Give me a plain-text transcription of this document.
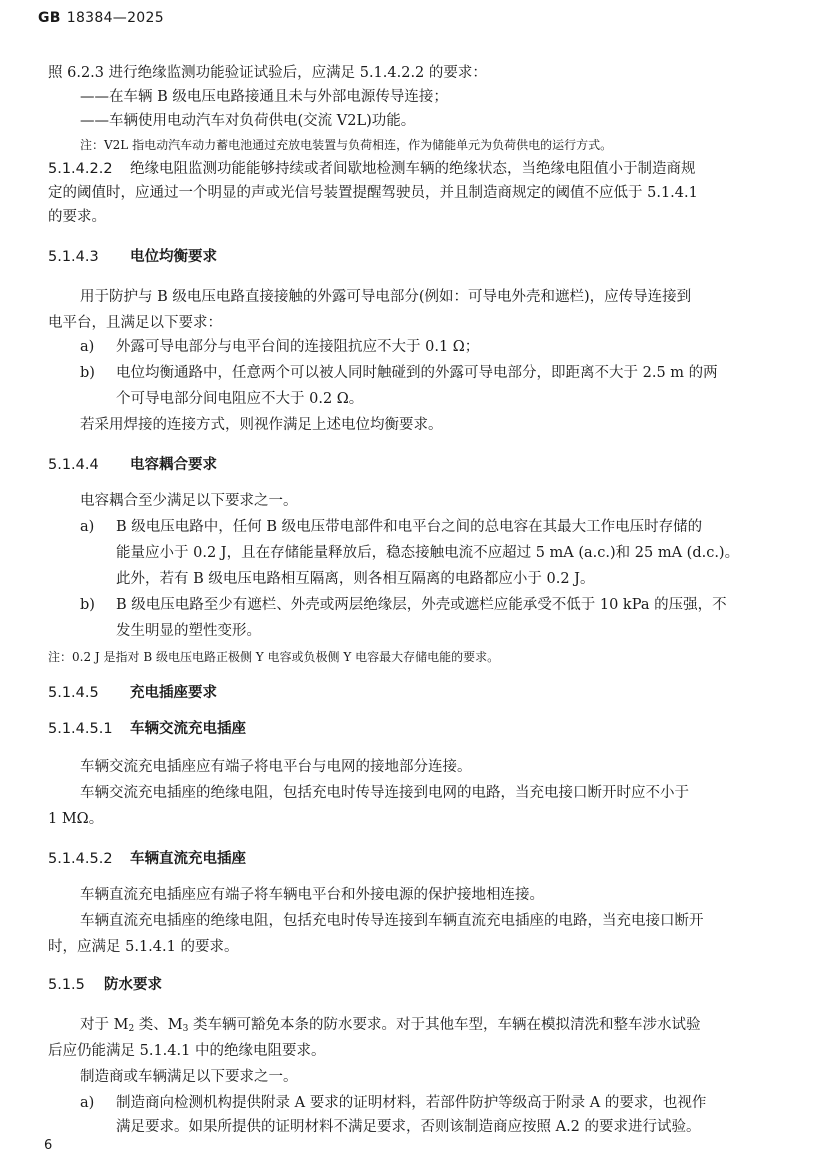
GB 18384—2025
照 6.2.3 进行绝缘监测功能验证试验后，应满足 5.1.4.2.2 的要求：
——在车辆 B 级电压电路接通且未与外部电源传导连接；
——车辆使用电动汽车对负荷供电(交流 V2L)功能。
注：V2L 指电动汽车动力蓄电池通过充放电装置与负荷相连，作为储能单元为负荷供电的运行方式。
5.1.4.2.2 绝缘电阻监测功能能够持续或者间歇地检测车辆的绝缘状态，当绝缘电阻值小于制造商规
定的阈值时，应通过一个明显的声或光信号装置提醒驾驶员，并且制造商规定的阈值不应低于 5.1.4.1
的要求。
5.1.4.3 电位均衡要求
用于防护与 B 级电压电路直接接触的外露可导电部分(例如：可导电外壳和遮栏)，应传导连接到
电平台，且满足以下要求：
a) 外露可导电部分与电平台间的连接阻抗应不大于 0.1 Ω；
b) 电位均衡通路中，任意两个可以被人同时触碰到的外露可导电部分，即距离不大于 2.5 m 的两
个可导电部分间电阻应不大于 0.2 Ω。
若采用焊接的连接方式，则视作满足上述电位均衡要求。
5.1.4.4 电容耦合要求
电容耦合至少满足以下要求之一。
a) B 级电压电路中，任何 B 级电压带电部件和电平台之间的总电容在其最大工作电压时存储的
能量应小于 0.2 J，且在存储能量释放后，稳态接触电流不应超过 5 mA (a.c.)和 25 mA (d.c.)。
此外，若有 B 级电压电路相互隔离，则各相互隔离的电路都应小于 0.2 J。
b) B 级电压电路至少有遮栏、外壳或两层绝缘层，外壳或遮栏应能承受不低于 10 kPa 的压强，不
发生明显的塑性变形。
注：0.2 J 是指对 B 级电压电路正极侧 Y 电容或负极侧 Y 电容最大存储电能的要求。
5.1.4.5 充电插座要求
5.1.4.5.1 车辆交流充电插座
车辆交流充电插座应有端子将电平台与电网的接地部分连接。
车辆交流充电插座的绝缘电阻，包括充电时传导连接到电网的电路，当充电接口断开时应不小于
1 MΩ。
5.1.4.5.2 车辆直流充电插座
车辆直流充电插座应有端子将车辆电平台和外接电源的保护接地相连接。
车辆直流充电插座的绝缘电阻，包括充电时传导连接到车辆直流充电插座的电路，当充电接口断开
时，应满足 5.1.4.1 的要求。
5.1.5 防水要求
对于 $M_2$ 类、$M_3$ 类车辆可豁免本条的防水要求。对于其他车型，车辆在模拟清洗和整车涉水试验
后应仍能满足 5.1.4.1 中的绝缘电阻要求。
制造商或车辆满足以下要求之一。
a) 制造商向检测机构提供附录 A 要求的证明材料，若部件防护等级高于附录 A 的要求，也视作
满足要求。如果所提供的证明材料不满足要求，否则该制造商应按照 A.2 的要求进行试验。
6
